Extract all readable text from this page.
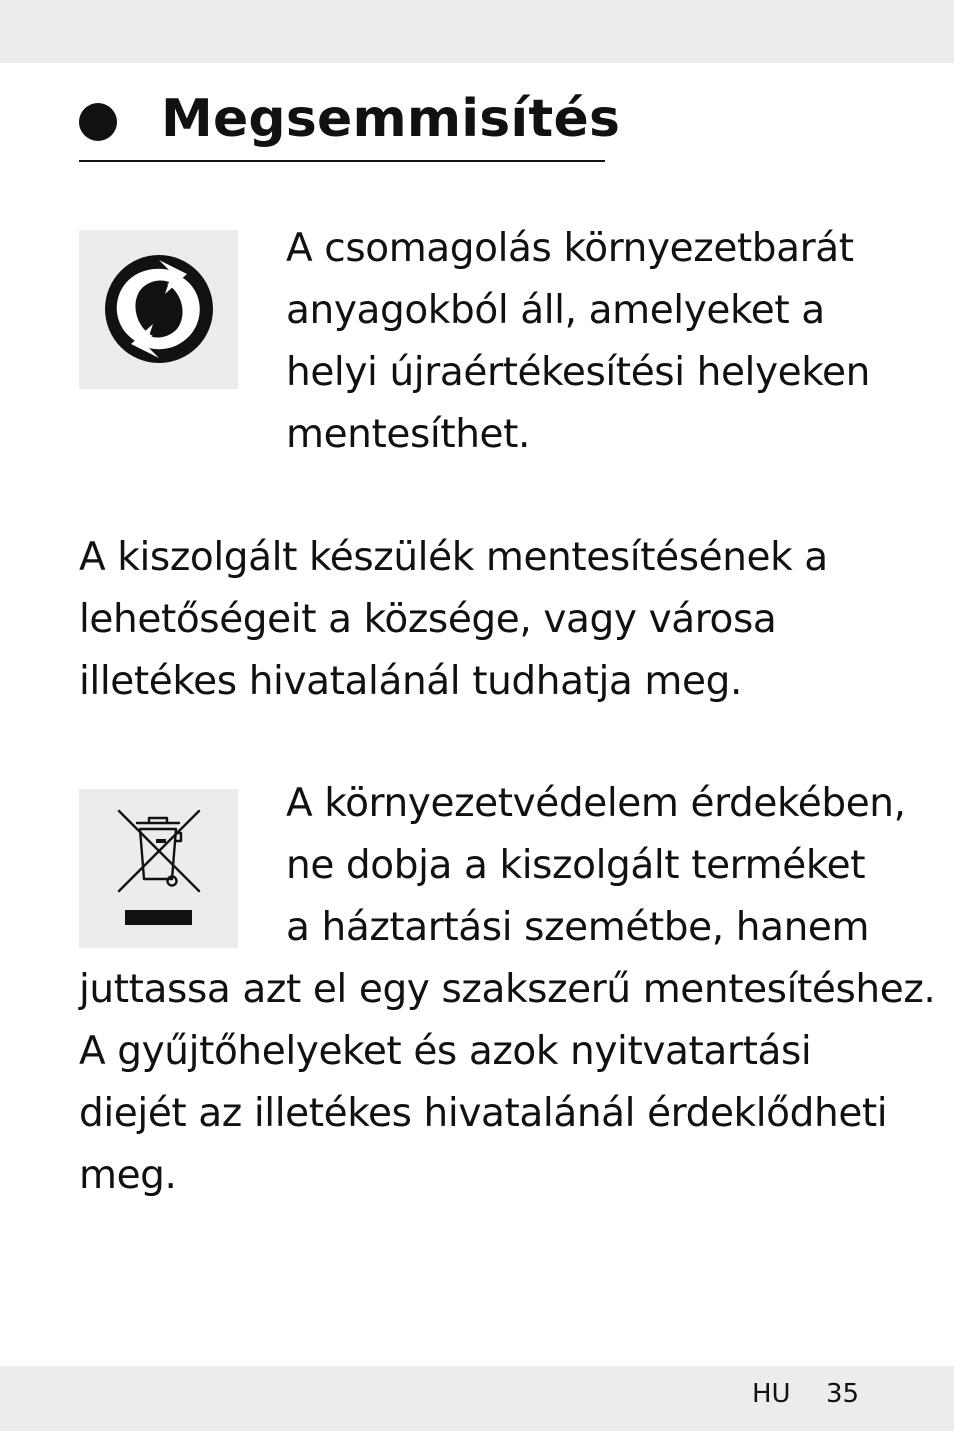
Megsemmisítés
A csomagolás környezetbarát
anyagokból áll, amelyeket a
helyi újraértékesítési helyeken
mentesíthet.
A kiszolgált készülék mentesítésének a
lehetőségeit a községe, vagy városa
illetékes hivatalánál tudhatja meg.
A környezetvédelem érdekében,
ne dobja a kiszolgált terméket
a háztartási szemétbe, hanem
juttassa azt el egy szakszerű mentesítéshez.
A gyűjtőhelyeket és azok nyitvatartási
diejét az illetékes hivatalánál érdeklődheti
meg.
HU 35
